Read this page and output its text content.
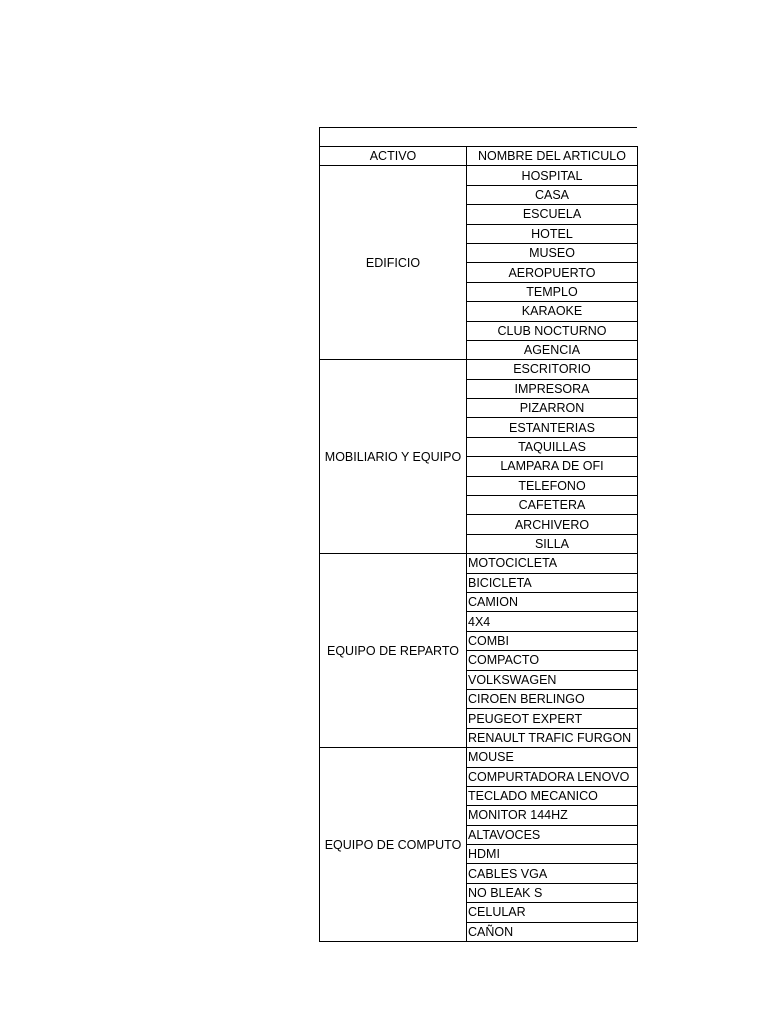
ACTIVO	NOMBRE DEL ARTICULO
EDIFICIO	HOSPITAL
	CASA
	ESCUELA
	HOTEL
	MUSEO
	AEROPUERTO
	TEMPLO
	KARAOKE
	CLUB NOCTURNO
	AGENCIA
MOBILIARIO Y EQUIPO	ESCRITORIO
	IMPRESORA
	PIZARRON
	ESTANTERIAS
	TAQUILLAS
	LAMPARA DE OFI
	TELEFONO
	CAFETERA
	ARCHIVERO
	SILLA
EQUIPO DE REPARTO	MOTOCICLETA
	BICICLETA
	CAMION
	4X4
	COMBI
	COMPACTO
	VOLKSWAGEN
	CIROEN BERLINGO
	PEUGEOT EXPERT
	RENAULT TRAFIC FURGON
EQUIPO DE COMPUTO	MOUSE
	COMPURTADORA LENOVO
	TECLADO MECANICO
	MONITOR 144HZ
	ALTAVOCES
	HDMI
	CABLES VGA
	NO BLEAK S
	CELULAR
	CAÑON
